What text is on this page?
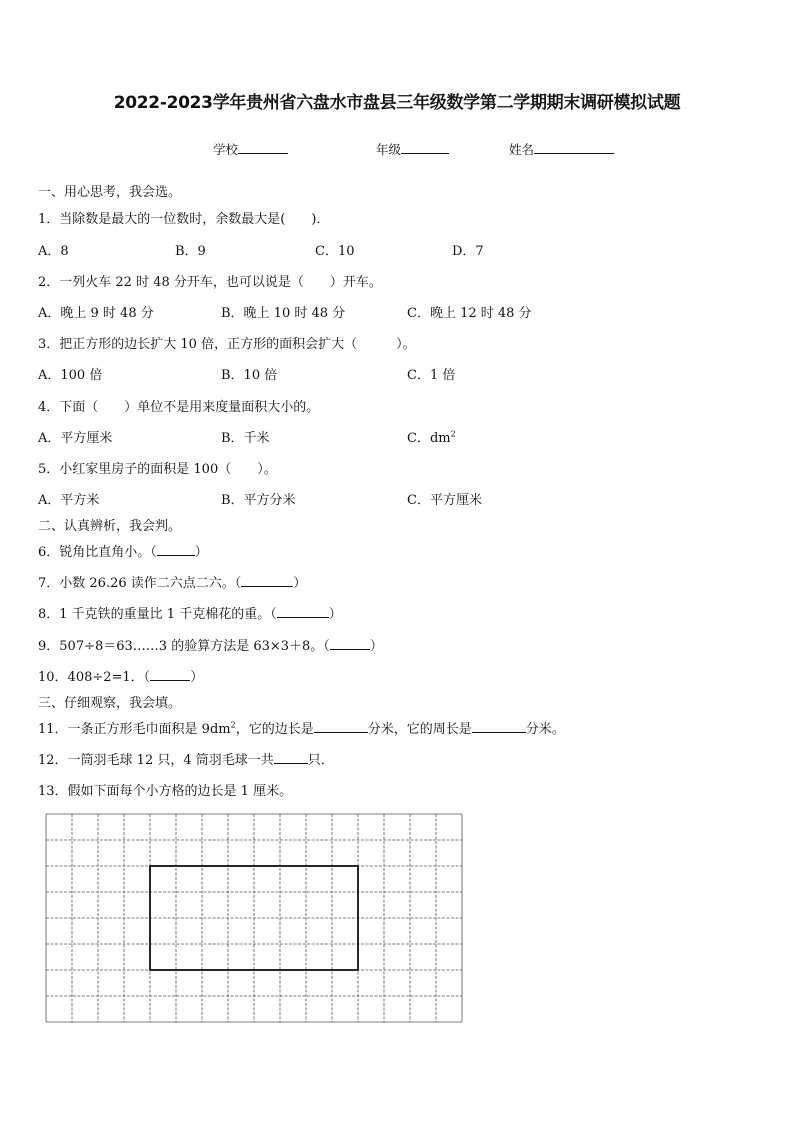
2022-2023学年贵州省六盘水市盘县三年级数学第二学期期末调研模拟试题
学校	年级	姓名
一、用心思考，我会选。
1．当除数是最大的一位数时，余数最大是(　　)．
A．8	B．9	C．10	D．7
2．一列火车 22 时 48 分开车，也可以说是（　　）开车。
A．晚上 9 时 48 分	B．晚上 10 时 48 分	C．晚上 12 时 48 分
3．把正方形的边长扩大 10 倍，正方形的面积会扩大（　　　）。
A．100 倍	B．10 倍	C．1 倍
4．下面（　　）单位不是用来度量面积大小的。
A．平方厘米	B．千米	C．$dm^2$
5．小红家里房子的面积是 100（　　）。
A．平方米	B．平方分米	C．平方厘米
二、认真辨析，我会判。
6．锐角比直角小。（	）
7．小数 26.26 读作二六点二六。（	）
8．1 千克铁的重量比 1 千克棉花的重。（	）
9．507÷8＝63……3 的验算方法是 63×3＋8。（	）
10．408÷2=1．（	）
三、仔细观察，我会填。
11．一条正方形毛巾面积是 $9dm^2$，它的边长是	分米，它的周长是	分米。
12．一筒羽毛球 12 只，4 筒羽毛球一共	只．
13．假如下面每个小方格的边长是 1 厘米。
